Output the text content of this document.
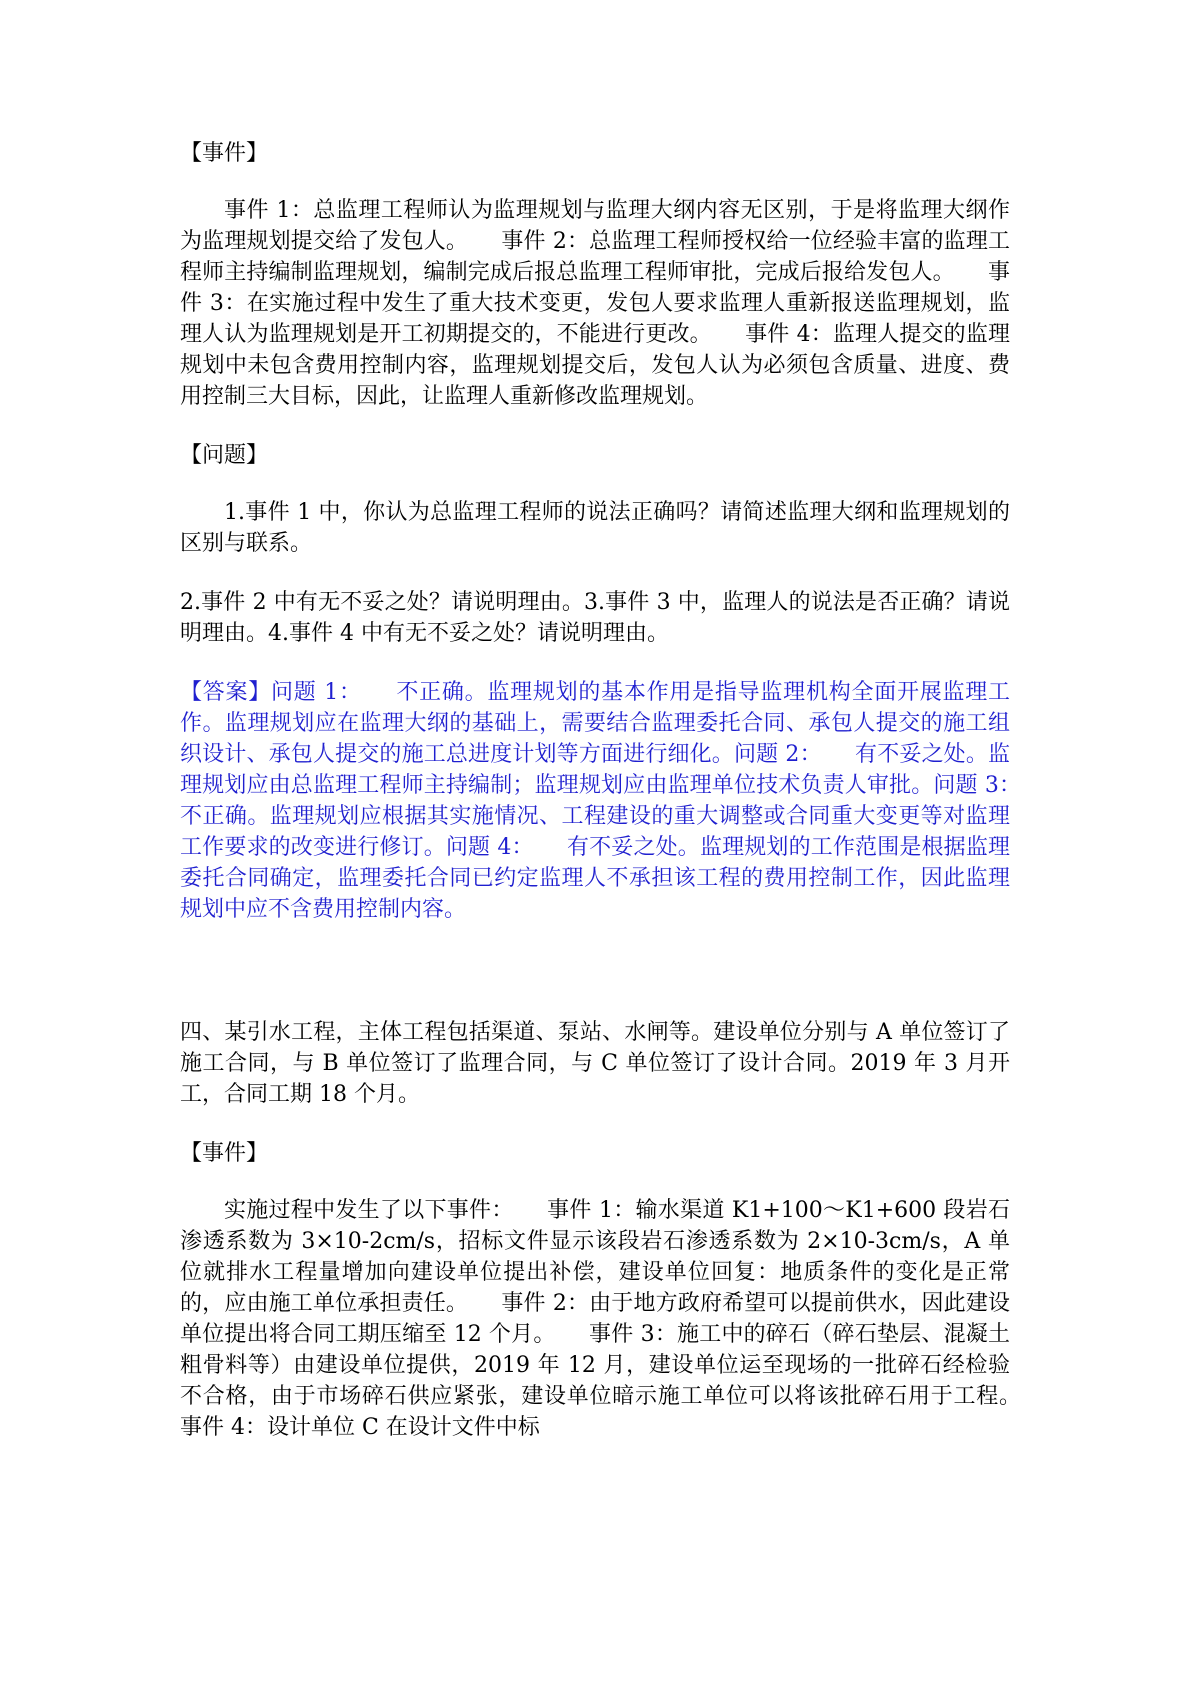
【事件】
事件 1：总监理工程师认为监理规划与监理大纲内容无区别，于是将监理大纲作为监理规划提交给了发包人。　　事件 2：总监理工程师授权给一位经验丰富的监理工程师主持编制监理规划，编制完成后报总监理工程师审批，完成后报给发包人。　　事件 3：在实施过程中发生了重大技术变更，发包人要求监理人重新报送监理规划，监理人认为监理规划是开工初期提交的，不能进行更改。　　事件 4：监理人提交的监理规划中未包含费用控制内容，监理规划提交后，发包人认为必须包含质量、进度、费用控制三大目标，因此，让监理人重新修改监理规划。
【问题】
1.事件 1 中，你认为总监理工程师的说法正确吗？请简述监理大纲和监理规划的区别与联系。
2.事件 2 中有无不妥之处？请说明理由。3.事件 3 中，监理人的说法是否正确？请说明理由。4.事件 4 中有无不妥之处？请说明理由。
【答案】问题 1：　　不正确。监理规划的基本作用是指导监理机构全面开展监理工作。监理规划应在监理大纲的基础上，需要结合监理委托合同、承包人提交的施工组织设计、承包人提交的施工总进度计划等方面进行细化。问题 2：　　有不妥之处。监理规划应由总监理工程师主持编制；监理规划应由监理单位技术负责人审批。问题 3：　　不正确。监理规划应根据其实施情况、工程建设的重大调整或合同重大变更等对监理工作要求的改变进行修订。问题 4：　　有不妥之处。监理规划的工作范围是根据监理委托合同确定，监理委托合同已约定监理人不承担该工程的费用控制工作，因此监理规划中应不含费用控制内容。
四、某引水工程，主体工程包括渠道、泵站、水闸等。建设单位分别与 A 单位签订了施工合同，与 B 单位签订了监理合同，与 C 单位签订了设计合同。2019 年 3 月开工，合同工期 18 个月。
【事件】
实施过程中发生了以下事件：　　事件 1：输水渠道 K1+100～K1+600 段岩石渗透系数为 3×10-2cm/s，招标文件显示该段岩石渗透系数为 2×10-3cm/s，A 单位就排水工程量增加向建设单位提出补偿，建设单位回复：地质条件的变化是正常的，应由施工单位承担责任。　　事件 2：由于地方政府希望可以提前供水，因此建设单位提出将合同工期压缩至 12 个月。　　事件 3：施工中的碎石（碎石垫层、混凝土粗骨料等）由建设单位提供，2019 年 12 月，建设单位运至现场的一批碎石经检验不合格，由于市场碎石供应紧张，建设单位暗示施工单位可以将该批碎石用于工程。　　事件 4：设计单位 C 在设计文件中标
